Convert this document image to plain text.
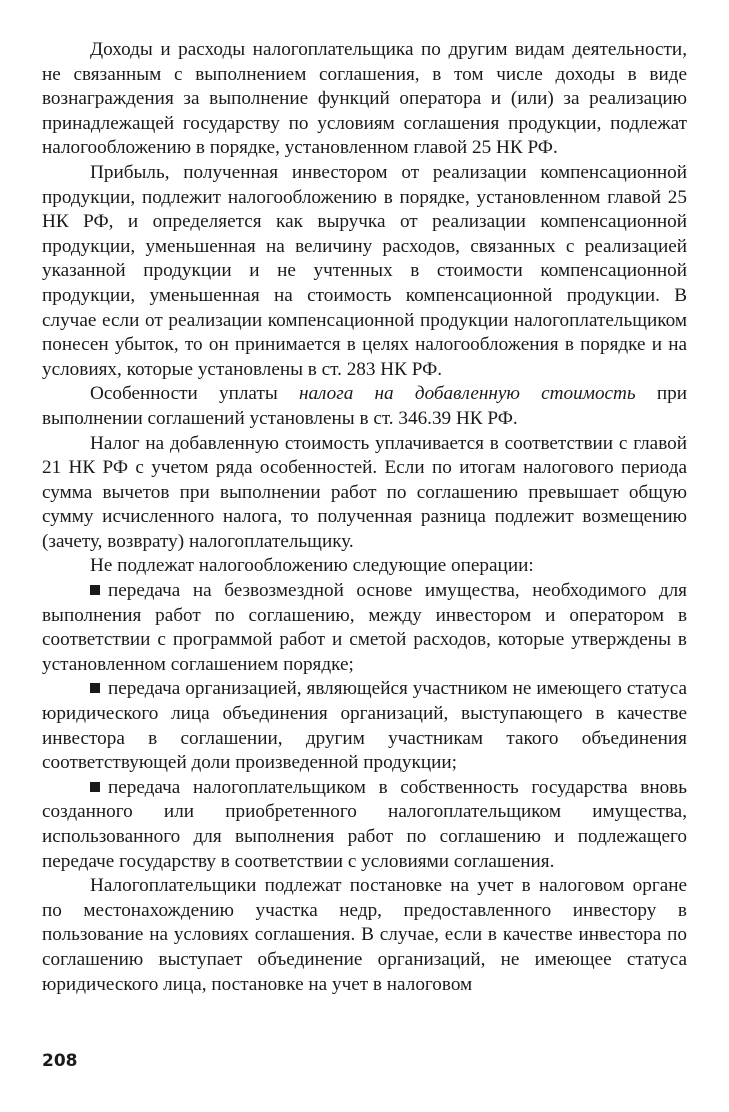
Доходы и расходы налогоплательщика по другим видам деятельности, не связанным с выполнением соглашения, в том числе доходы в виде вознаграждения за выполнение функций оператора и (или) за реализацию принадлежащей государству по условиям соглашения продукции, подлежат налогообложению в порядке, установленном главой 25 НК РФ.

Прибыль, полученная инвестором от реализации компенсационной продукции, подлежит налогообложению в порядке, установленном главой 25 НК РФ, и определяется как выручка от реализации компенсационной продукции, уменьшенная на величину расходов, связанных с реализацией указанной продукции и не учтенных в стоимости компенсационной продукции, уменьшенная на стоимость компенсационной продукции. В случае если от реализации компенсационной продукции налогоплательщиком понесен убыток, то он принимается в целях налогообложения в порядке и на условиях, которые установлены в ст. 283 НК РФ.

Особенности уплаты налога на добавленную стоимость при выполнении соглашений установлены в ст. 346.39 НК РФ.

Налог на добавленную стоимость уплачивается в соответствии с главой 21 НК РФ с учетом ряда особенностей. Если по итогам налогового периода сумма вычетов при выполнении работ по соглашению превышает общую сумму исчисленного налога, то полученная разница подлежит возмещению (зачету, возврату) налогоплательщику.

Не подлежат налогообложению следующие операции:

передача на безвозмездной основе имущества, необходимого для выполнения работ по соглашению, между инвестором и оператором в соответствии с программой работ и сметой расходов, которые утверждены в установленном соглашением порядке;

передача организацией, являющейся участником не имеющего статуса юридического лица объединения организаций, выступающего в качестве инвестора в соглашении, другим участникам такого объединения соответствующей доли произведенной продукции;

передача налогоплательщиком в собственность государства вновь созданного или приобретенного налогоплательщиком имущества, использованного для выполнения работ по соглашению и подлежащего передаче государству в соответствии с условиями соглашения.

Налогоплательщики подлежат постановке на учет в налоговом органе по местонахождению участка недр, предоставленного инвестору в пользование на условиях соглашения. В случае, если в качестве инвестора по соглашению выступает объединение организаций, не имеющее статуса юридического лица, постановке на учет в налоговом

208
